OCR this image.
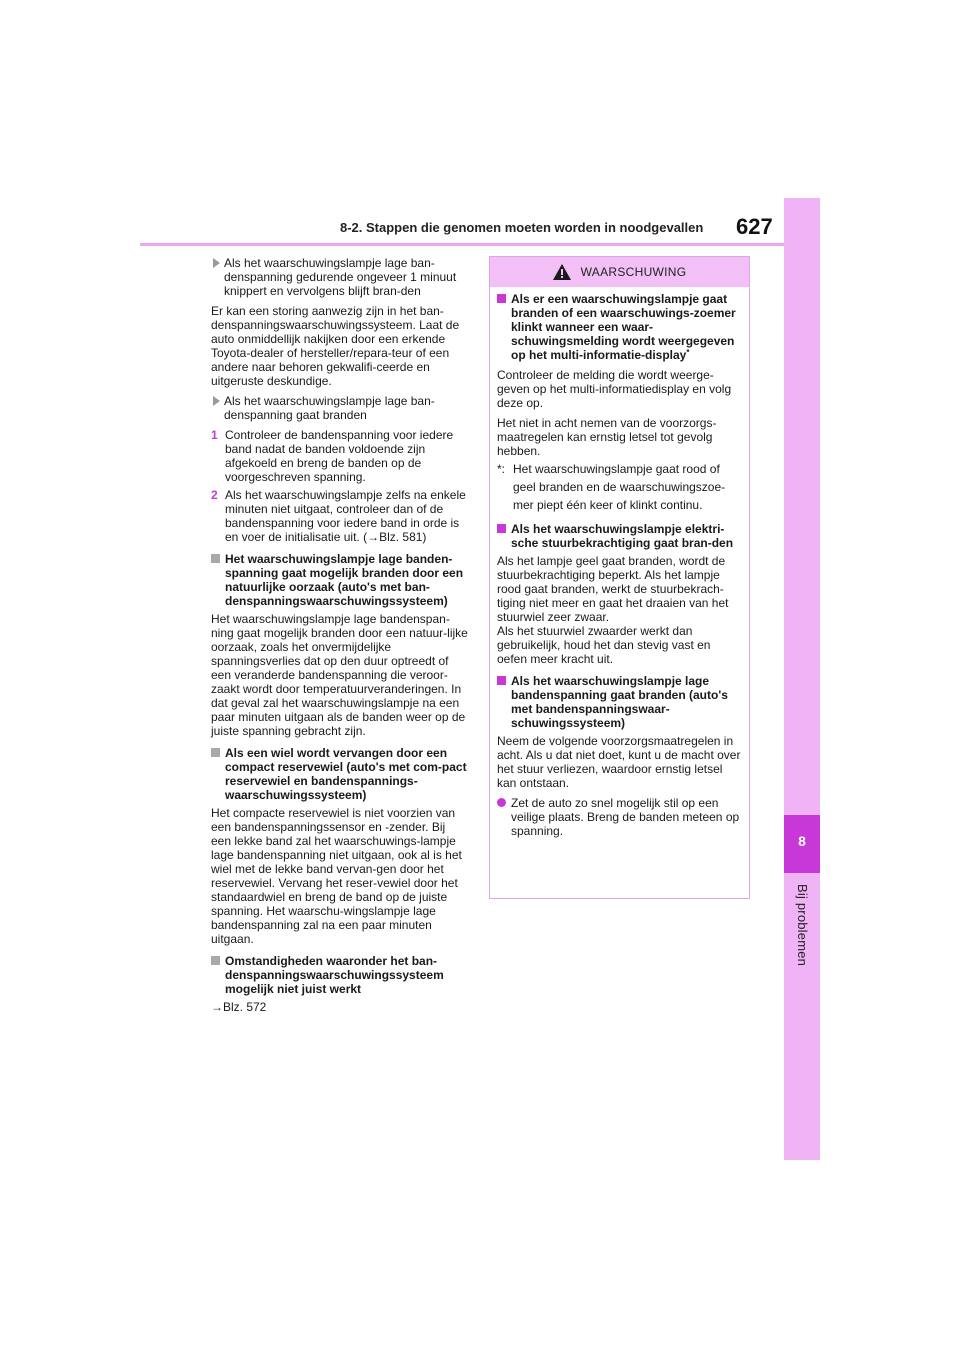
8
Bij problemen
8-2. Stappen die genomen moeten worden in noodgevallen 627
Als het waarschuwingslampje lage ban-denspanning gedurende ongeveer 1 minuut knippert en vervolgens blijft bran-den

Er kan een storing aanwezig zijn in het ban-denspanningswaarschuwingssysteem. Laat de auto onmiddellijk nakijken door een erkende Toyota-dealer of hersteller/repara-teur of een andere naar behoren gekwalifi-ceerde en uitgeruste deskundige.

Als het waarschuwingslampje lage ban-denspanning gaat branden
1 Controleer de bandenspanning voor iedere band nadat de banden voldoende zijn afgekoeld en breng de banden op de voorgeschreven spanning.
2 Als het waarschuwingslampje zelfs na enkele minuten niet uitgaat, controleer dan of de bandenspanning voor iedere band in orde is en voer de initialisatie uit. (→Blz. 581)
Het waarschuwingslampje lage banden-spanning gaat mogelijk branden door een natuurlijke oorzaak (auto's met ban-denspanningswaarschuwingssysteem)

Het waarschuwingslampje lage bandenspan-ning gaat mogelijk branden door een natuur-lijke oorzaak, zoals het onvermijdelijke spanningsverlies dat op den duur optreedt of een veranderde bandenspanning die veroor-zaakt wordt door temperatuurveranderingen. In dat geval zal het waarschuwingslampje na een paar minuten uitgaan als de banden weer op de juiste spanning gebracht zijn.

Als een wiel wordt vervangen door een compact reservewiel (auto's met com-pact reservewiel en bandenspannings-waarschuwingssysteem)

Het compacte reservewiel is niet voorzien van een bandenspanningssensor en -zender. Bij een lekke band zal het waarschuwings-lampje lage bandenspanning niet uitgaan, ook al is het wiel met de lekke band vervan-gen door het reservewiel. Vervang het reser-vewiel door het standaardwiel en breng de band op de juiste spanning. Het waarschu-wingslampje lage bandenspanning zal na een paar minuten uitgaan.

Omstandigheden waaronder het ban-denspanningswaarschuwingssysteem mogelijk niet juist werkt

→Blz. 572

WAARSCHUWING
Als er een waarschuwingslampje gaat branden of een waarschuwings-zoemer klinkt wanneer een waar-schuwingsmelding wordt weergegeven op het multi-informatie-display*

Controleer de melding die wordt weerge-geven op het multi-informatiedisplay en volg deze op.

Het niet in acht nemen van de voorzorgs-maatregelen kan ernstig letsel tot gevolg hebben.

*: Het waarschuwingslampje gaat rood of geel branden en de waarschuwingszoe-mer piept één keer of klinkt continu.
Als het waarschuwingslampje elektri-sche stuurbekrachtiging gaat bran-den

Als het lampje geel gaat branden, wordt de stuurbekrachtiging beperkt. Als het lampje rood gaat branden, werkt de stuurbekrach-tiging niet meer en gaat het draaien van het stuurwiel zeer zwaar.

Als het stuurwiel zwaarder werkt dan gebruikelijk, houd het dan stevig vast en oefen meer kracht uit.

Als het waarschuwingslampje lage bandenspanning gaat branden (auto's met bandenspanningswaar-schuwingssysteem)

Neem de volgende voorzorgsmaatregelen in acht. Als u dat niet doet, kunt u de macht over het stuur verliezen, waardoor ernstig letsel kan ontstaan.

Zet de auto zo snel mogelijk stil op een veilige plaats. Breng de banden meteen op spanning.
